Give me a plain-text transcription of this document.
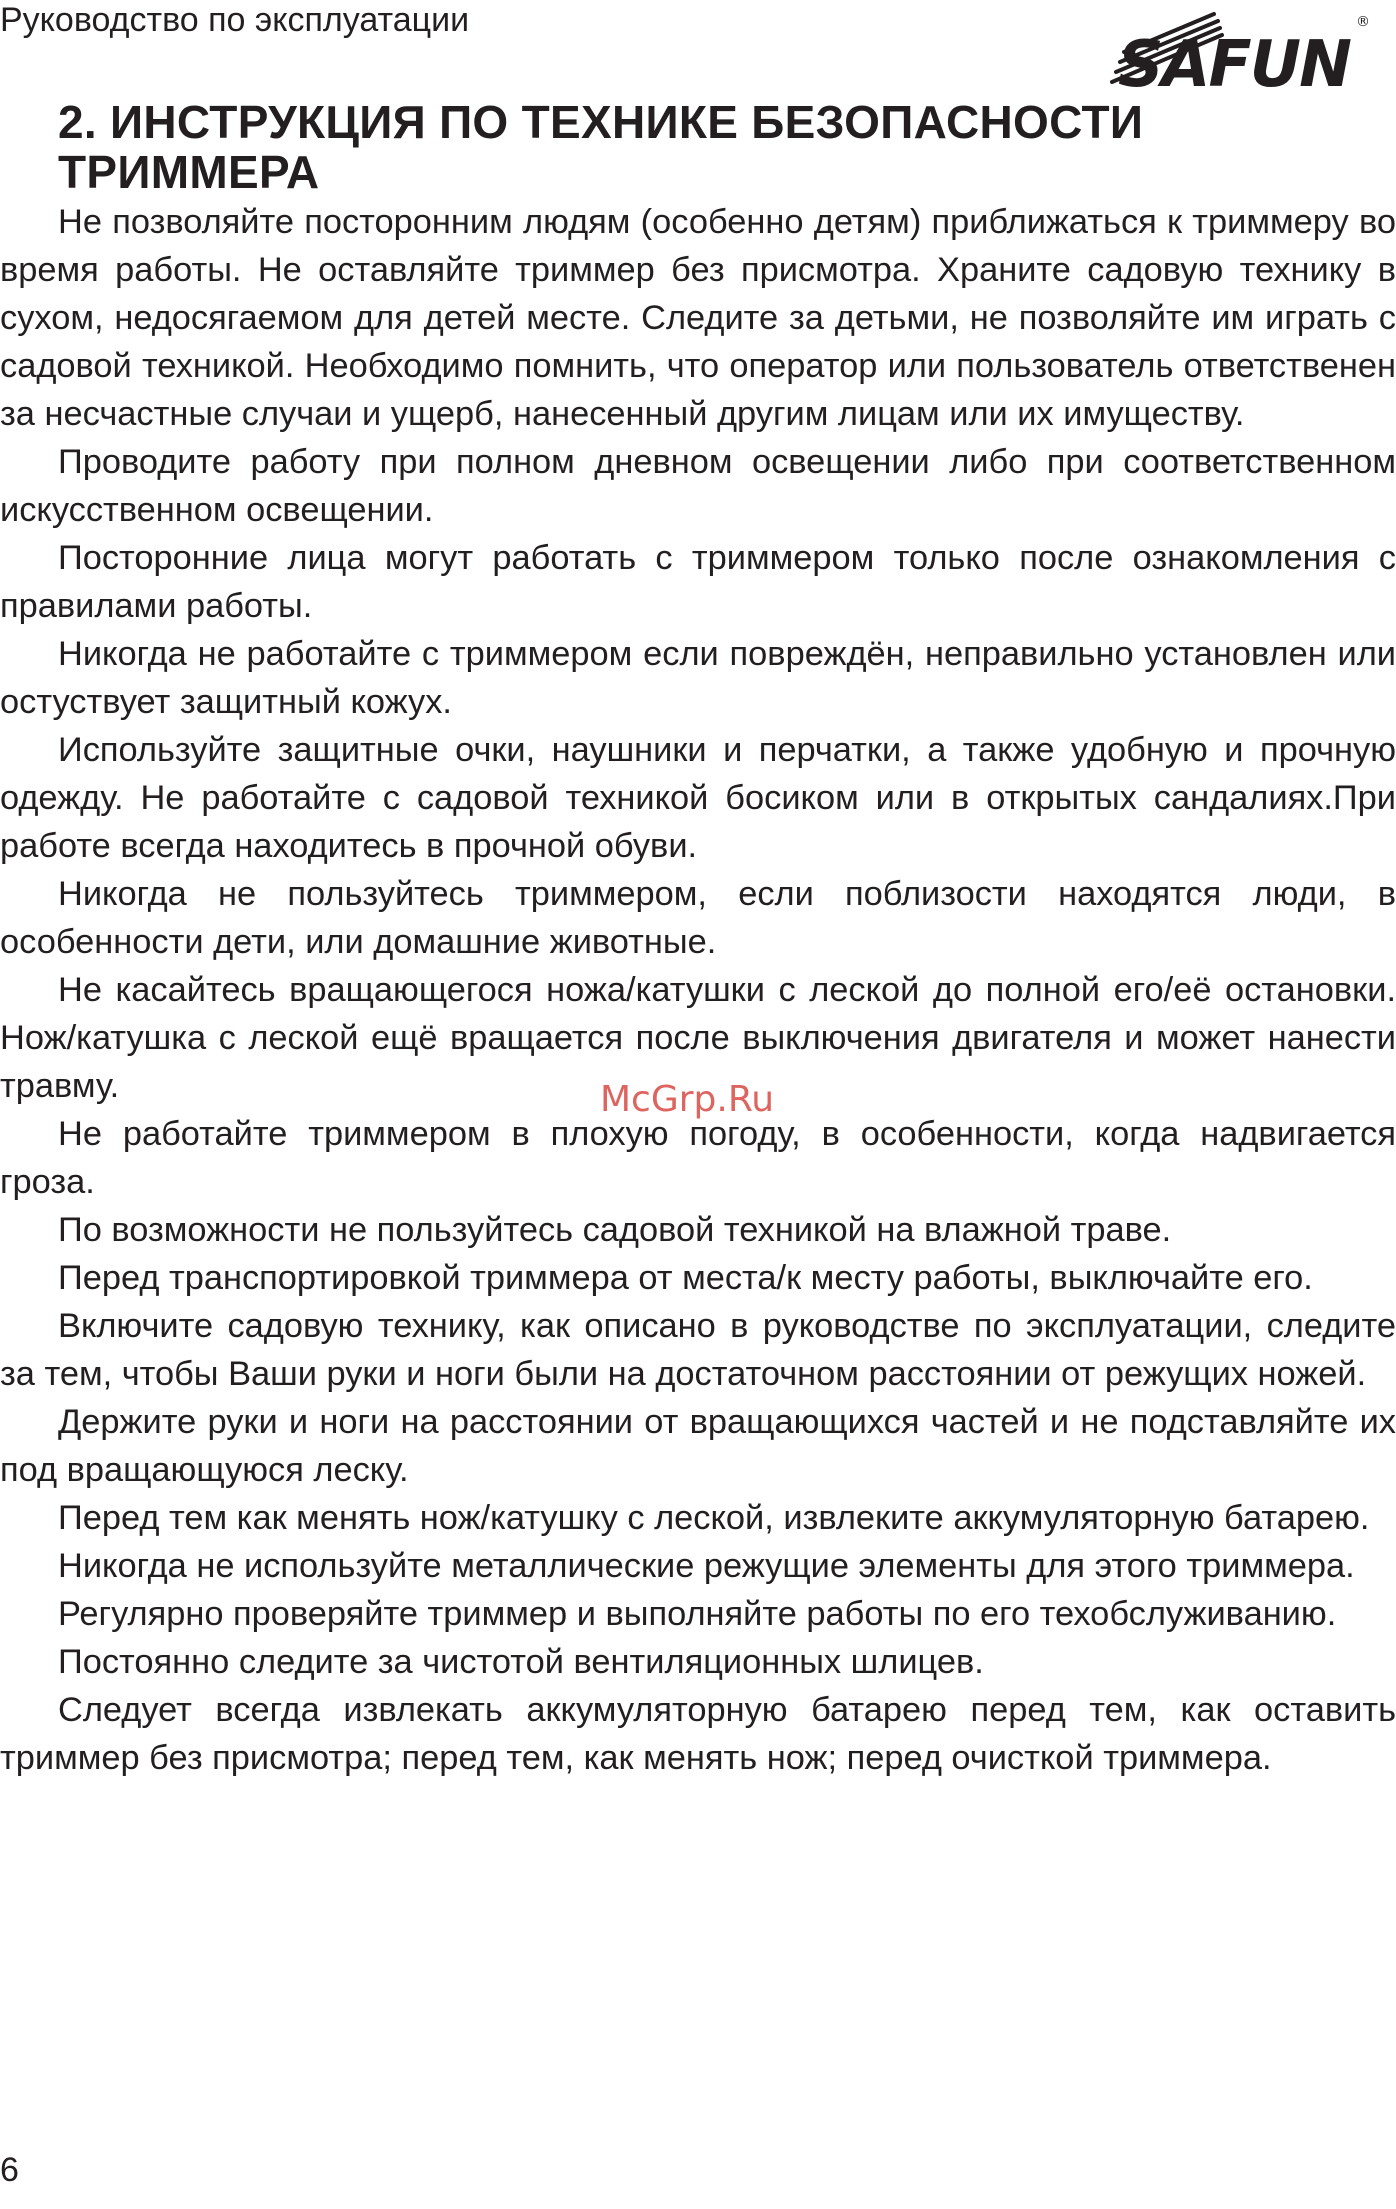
Руководство по эксплуатации
SAFUN
®
2. ИНСТРУКЦИЯ ПО ТЕХНИКЕ БЕЗОПАСНОСТИ
ТРИММЕРА

Не позволяйте посторонним людям (особенно детям) приближаться к триммеру во время работы. Не оставляйте триммер без присмотра. Храните садовую технику в сухом, недосягаемом для детей месте. Следите за детьми, не позволяйте им играть с садовой техникой. Необходимо помнить, что оператор или пользователь ответственен за несчастные случаи и ущерб, нанесенный другим лицам или их имуществу.

Проводите работу при полном дневном освещении либо при соответственном искусственном освещении.

Посторонние лица могут работать с триммером только после ознакомления с правилами работы.

Никогда не работайте с триммером если повреждён, неправильно установлен или остуствует защитный кожух.

Используйте защитные очки, наушники и перчатки, а также удобную и прочную одежду. Не работайте с садовой техникой босиком или в открытых сандалиях.При работе всегда находитесь в прочной обуви.

Никогда не пользуйтесь триммером, если поблизости находятся люди, в особенности дети, или домашние животные.

Не касайтесь вращающегося ножа/катушки с леской до полной его/её остановки. Нож/катушка с леской ещё вращается после выключения двигателя и может нанести травму.

Не работайте триммером в плохую погоду, в особенности, когда надвигается гроза.

По возможности не пользуйтесь садовой техникой на влажной траве.

Перед транспортировкой триммера от места/к месту работы, выключайте его.

Включите садовую технику, как описано в руководстве по эксплуатации, следите за тем, чтобы Ваши руки и ноги были на достаточном расстоянии от режущих ножей.

Держите руки и ноги на расстоянии от вращающихся частей и не подставляйте их под вращающуюся леску.

Перед тем как менять нож/катушку с леской, извлеките аккумуляторную батарею.

Никогда не используйте металлические режущие элементы для этого триммера.

Регулярно проверяйте триммер и выполняйте работы по его техобслуживанию.

Постоянно следите за чистотой вентиляционных шлицев.

Следует всегда извлекать аккумуляторную батарею перед тем, как оставить триммер без присмотра; перед тем, как менять нож; перед очисткой триммера.

McGrp.Ru
6
